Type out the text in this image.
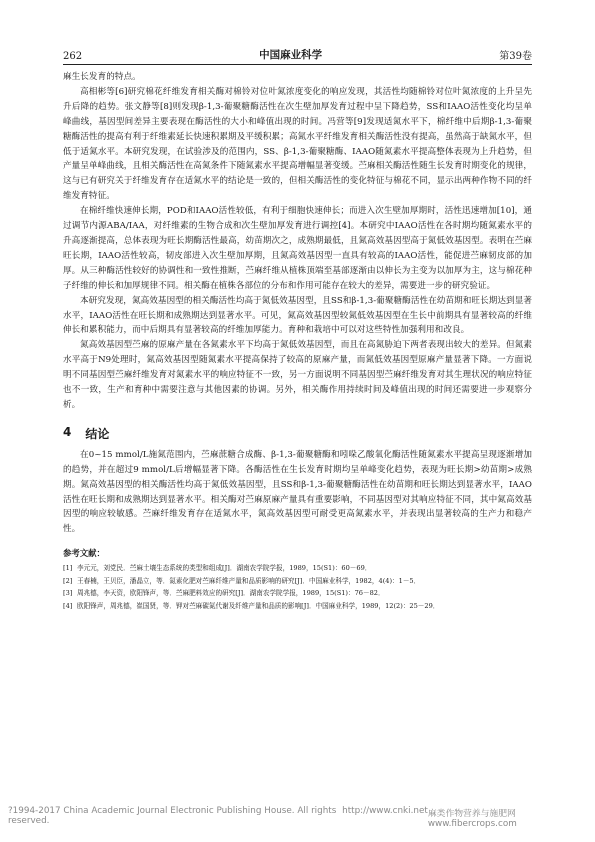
262	中国麻业科学	第39卷

麻生长发育的特点。

高相彬等[6]研究棉花纤维发育相关酶对棉铃对位叶氮浓度变化的响应发现，其活性均随棉铃对位叶氮浓度的上升呈先升后降的趋势。张文静等[8]则发现β-1,3-葡聚糖酶活性在次生壁加厚发育过程中呈下降趋势，SS和IAAO活性变化均呈单峰曲线，基因型间差异主要表现在酶活性的大小和峰值出现的时间。冯营等[9]发现适氮水平下，棉纤维中后期β-1,3-葡聚糖酶活性的提高有利于纤维素延长快速积累期及平缓积累；高氮水平纤维发育相关酶活性没有提高，虽然高于缺氮水平，但低于适氮水平。本研究发现，在试验涉及的范围内，SS、β-1,3-葡聚糖酶、IAAO随氮素水平提高整体表现为上升趋势，但产量呈单峰曲线，且相关酶活性在高氮条件下随氮素水平提高增幅显著变缓。苎麻相关酶活性随生长发育时期变化的规律，这与已有研究关于纤维发育存在适氮水平的结论是一致的，但相关酶活性的变化特征与棉花不同，显示出两种作物不同的纤维发育特征。

在棉纤维快速伸长期，POD和IAAO活性较低，有利于细胞快速伸长；而进入次生壁加厚期时，活性迅速增加[10]，通过调节内源ABA/IAA，对纤维素的生物合成和次生壁加厚发育进行调控[4]。本研究中IAAO活性在各时期均随氮素水平的升高逐渐提高，总体表现为旺长期酶活性最高，幼苗期次之，成熟期最低，且氮高效基因型高于氮低效基因型。表明在苎麻旺长期，IAAO活性较高，韧皮部进入次生壁加厚期，且氮高效基因型一直具有较高的IAAO活性，能促进苎麻韧皮部的加厚。从三种酶活性较好的协调性和一致性推断，苎麻纤维从植株顶端至基部逐渐由以伸长为主变为以加厚为主，这与棉花种子纤维的伸长和加厚规律不同。相关酶在植株各部位的分布和作用可能存在较大的差异，需要进一步的研究验证。

本研究发现，氮高效基因型的相关酶活性均高于氮低效基因型，且SS和β-1,3-葡聚糖酶活性在幼苗期和旺长期达到显著水平，IAAO活性在旺长期和成熟期达到显著水平。可见，氮高效基因型较氮低效基因型在生长中前期具有显著较高的纤维伸长和累积能力，而中后期具有显著较高的纤维加厚能力。育种和栽培中可以对这些特性加强利用和改良。

氮高效基因型苎麻的原麻产量在各氮素水平下均高于氮低效基因型，而且在高氮胁迫下两者表现出较大的差异。但氮素水平高于N9处理时，氮高效基因型随氮素水平提高保持了较高的原麻产量，而氮低效基因型原麻产量显著下降。一方面说明不同基因型苎麻纤维发育对氮素水平的响应特征不一致，另一方面说明不同基因型苎麻纤维发育对其生理状况的响应特征也不一致，生产和育种中需要注意与其他因素的协调。另外，相关酶作用持续时间及峰值出现的时间还需要进一步观察分析。

4 结论

在0~15 mmol/L施氮范围内，苎麻蔗糖合成酶、β-1,3-葡聚糖酶和吲哚乙酸氧化酶活性随氮素水平提高呈现逐渐增加的趋势，并在超过9 mmol/L后增幅显著下降。各酶活性在生长发育时期均呈单峰变化趋势，表现为旺长期>幼苗期>成熟期。氮高效基因型的相关酶活性均高于氮低效基因型，且SS和β-1,3-葡聚糖酶活性在幼苗期和旺长期达到显著水平，IAAO活性在旺长期和成熟期达到显著水平。相关酶对苎麻原麻产量具有重要影响，不同基因型对其响应特征不同，其中氮高效基因型的响应较敏感。苎麻纤维发育存在适氮水平，氮高效基因型可耐受更高氮素水平，并表现出显著较高的生产力和稳产性。

参考文献：
[1] 李元元，刘党民．苎麻土壤生态系统的类型和组成[J]．湖南农学院学报，1989，15(S1)：60－69．
[2] 王春楠，王贝臣，潘晶立，等．氮素化肥对苎麻纤维产量和品质影响的研究[J]．中国麻业科学，1982，4(4)：1－5．
[3] 周兆德，李天资，欧阳锋声，等．苎麻肥料效应的研究[J]．湖南农学院学报，1989，15(S1)：76－82．
[4] 欧阳锋声，周兆德，崔国贤，等．钾对苎麻碳氮代谢及纤维产量和品质的影响[J]．中国麻业科学，1989，12(2)：25－29．
?1994-2017 China Academic Journal Electronic Publishing House. All rights reserved.
http://www.cnki.net 麻类作物营养与施肥网 www.fibercrops.com
